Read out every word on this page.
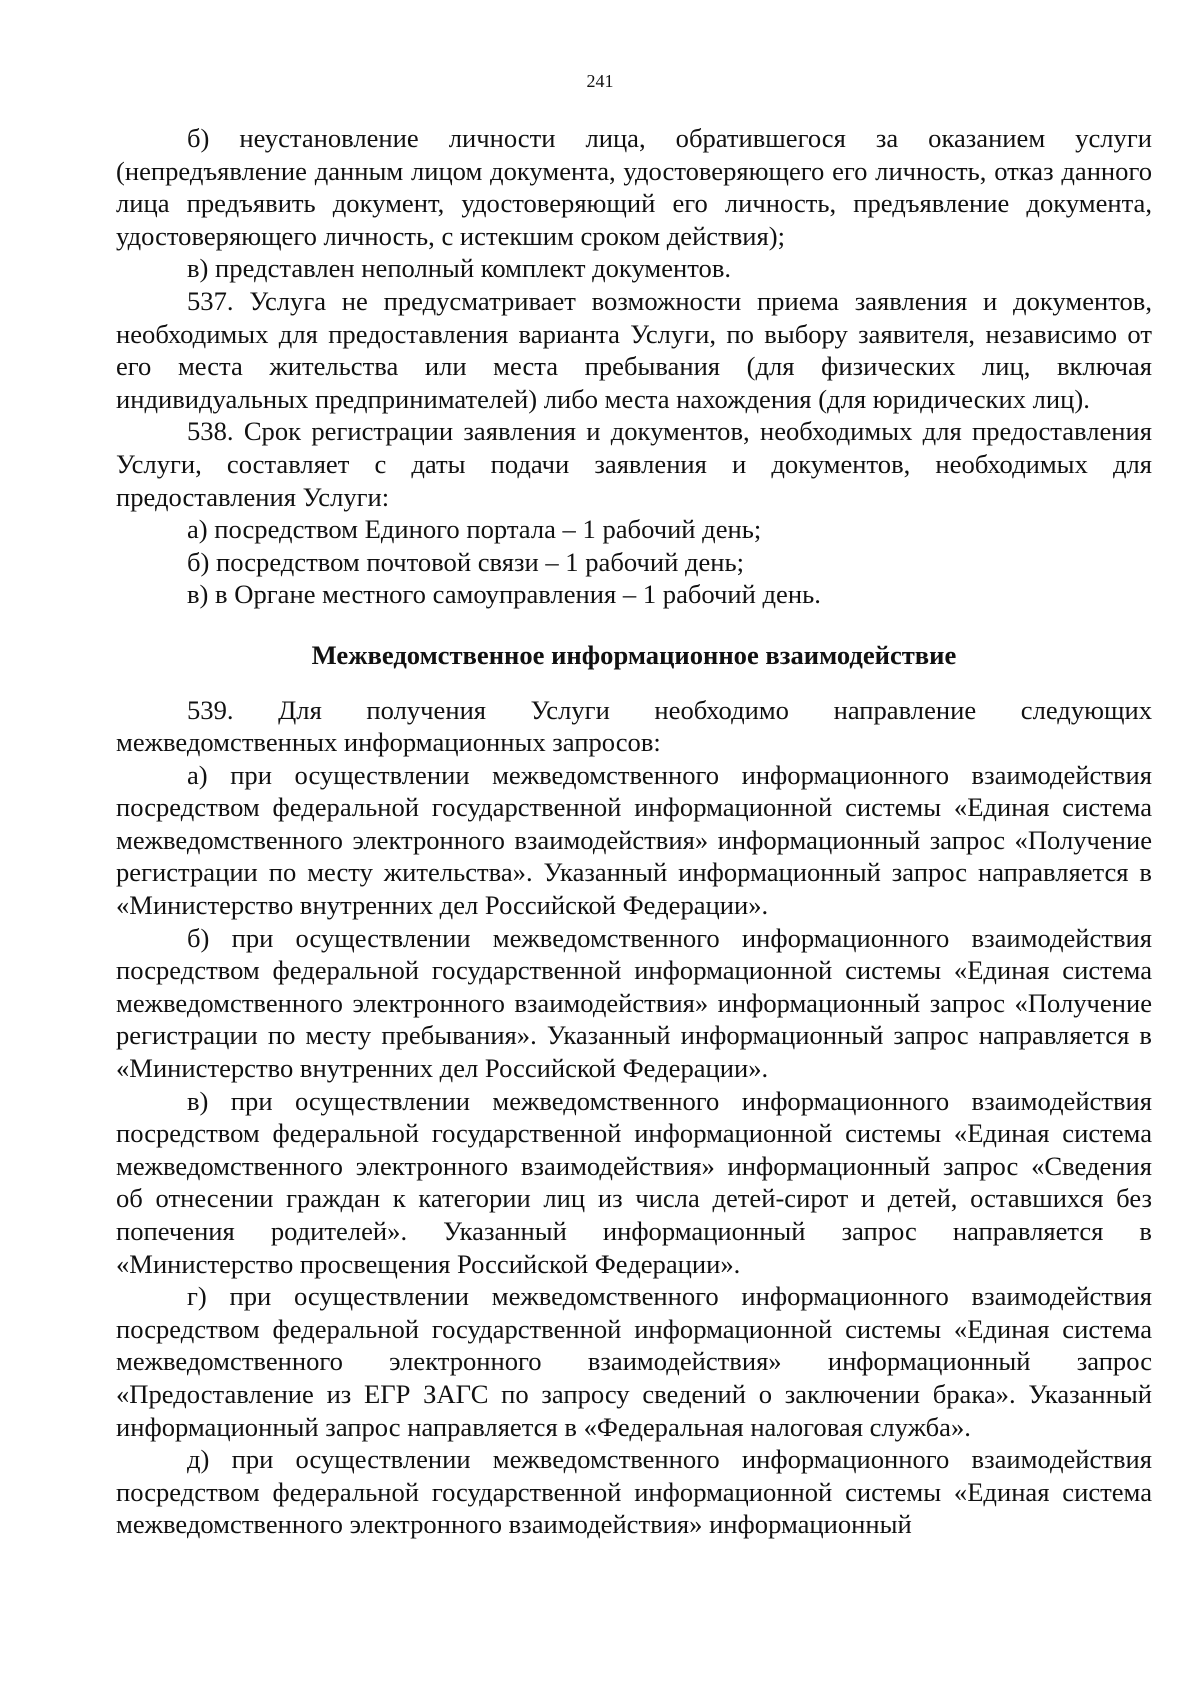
241

б) неустановление личности лица, обратившегося за оказанием услуги (непредъявление данным лицом документа, удостоверяющего его личность, отказ данного лица предъявить документ, удостоверяющий его личность, предъявление документа, удостоверяющего личность, с истекшим сроком действия);

в) представлен неполный комплект документов.

537. Услуга не предусматривает возможности приема заявления и документов, необходимых для предоставления варианта Услуги, по выбору заявителя, независимо от его места жительства или места пребывания (для физических лиц, включая индивидуальных предпринимателей) либо места нахождения (для юридических лиц).

538. Срок регистрации заявления и документов, необходимых для предоставления Услуги, составляет с даты подачи заявления и документов, необходимых для предоставления Услуги:

а) посредством Единого портала – 1 рабочий день;

б) посредством почтовой связи – 1 рабочий день;

в) в Органе местного самоуправления – 1 рабочий день.

Межведомственное информационное взаимодействие

539. Для получения Услуги необходимо направление следующих межведомственных информационных запросов:

а) при осуществлении межведомственного информационного взаимодействия посредством федеральной государственной информационной системы «Единая система межведомственного электронного взаимодействия» информационный запрос «Получение регистрации по месту жительства». Указанный информационный запрос направляется в «Министерство внутренних дел Российской Федерации».

б) при осуществлении межведомственного информационного взаимодействия посредством федеральной государственной информационной системы «Единая система межведомственного электронного взаимодействия» информационный запрос «Получение регистрации по месту пребывания». Указанный информационный запрос направляется в «Министерство внутренних дел Российской Федерации».

в) при осуществлении межведомственного информационного взаимодействия посредством федеральной государственной информационной системы «Единая система межведомственного электронного взаимодействия» информационный запрос «Сведения об отнесении граждан к категории лиц из числа детей-сирот и детей, оставшихся без попечения родителей». Указанный информационный запрос направляется в «Министерство просвещения Российской Федерации».

г) при осуществлении межведомственного информационного взаимодействия посредством федеральной государственной информационной системы «Единая система межведомственного электронного взаимодействия» информационный запрос «Предоставление из ЕГР ЗАГС по запросу сведений о заключении брака». Указанный информационный запрос направляется в «Федеральная налоговая служба».

д) при осуществлении межведомственного информационного взаимодействия посредством федеральной государственной информационной системы «Единая система межведомственного электронного взаимодействия» информационный
